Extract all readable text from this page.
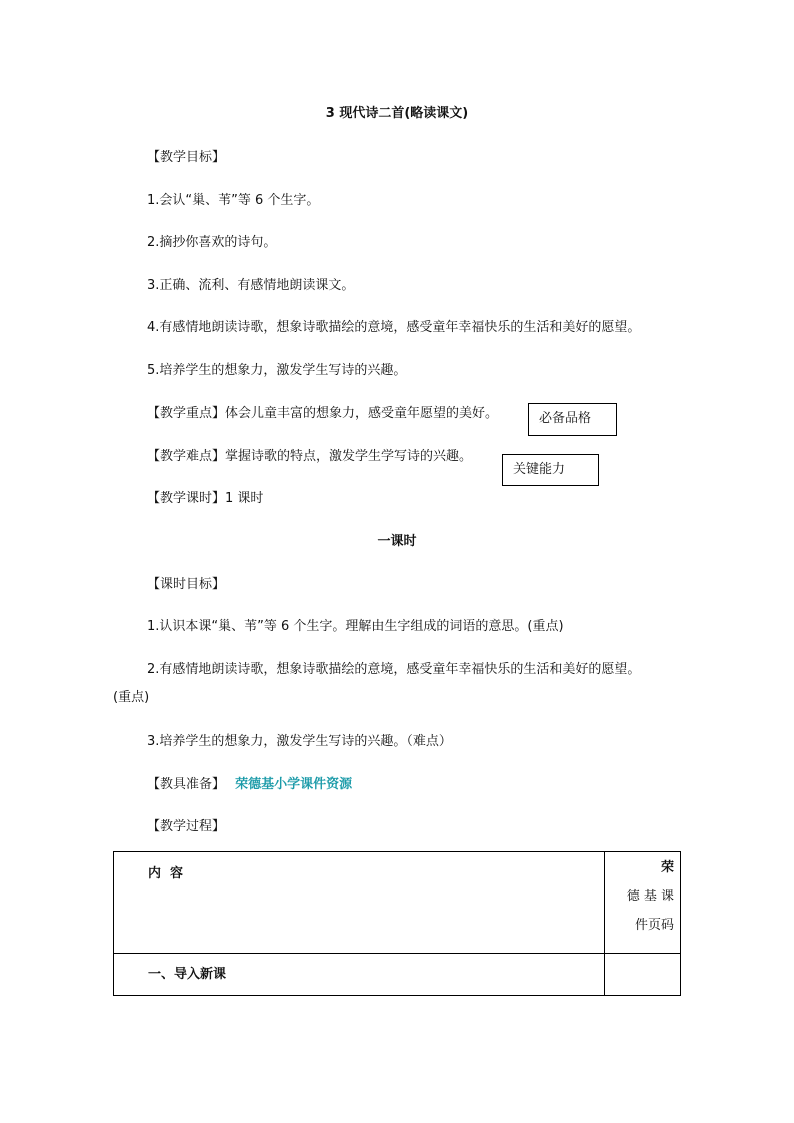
3 现代诗二首(略读课文)
【教学目标】
1.会认“巢、苇”等 6 个生字。
2.摘抄你喜欢的诗句。
3.正确、流利、有感情地朗读课文。
4.有感情地朗读诗歌，想象诗歌描绘的意境，感受童年幸福快乐的生活和美好的愿望。
5.培养学生的想象力，激发学生写诗的兴趣。
【教学重点】体会儿童丰富的想象力，感受童年愿望的美好。	必备品格
【教学难点】掌握诗歌的特点，激发学生学写诗的兴趣。
关键能力
【教学课时】1 课时
一课时
【课时目标】
1.认识本课“巢、苇”等 6 个生字。理解由生字组成的词语的意思。(重点)
2.有感情地朗读诗歌，想象诗歌描绘的意境，感受童年幸福快乐的生活和美好的愿望。
(重点)
3.培养学生的想象力，激发学生写诗的兴趣。（难点）
【教具准备】 荣德基小学课件资源
【教学过程】
内  容	荣
德 基 课
件页码

一、导入新课	
